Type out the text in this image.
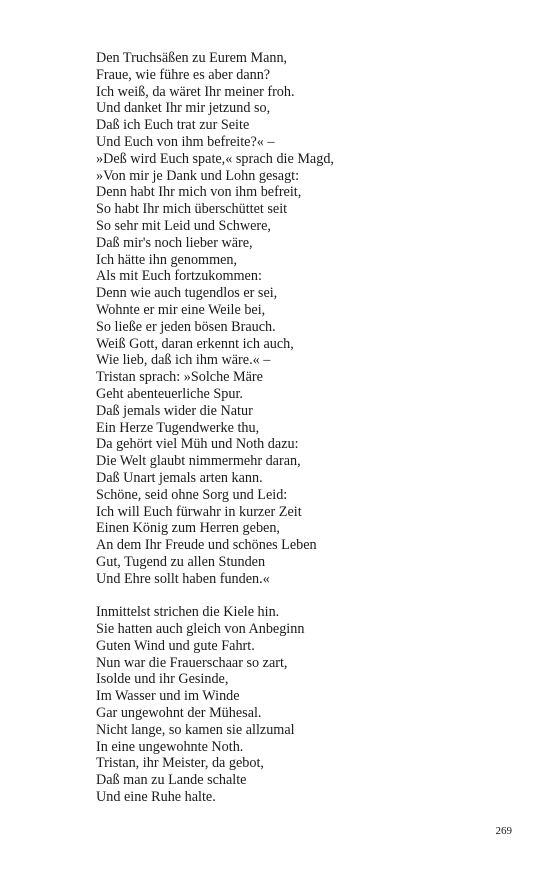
Den Truchsäßen zu Eurem Mann,
Fraue, wie führe es aber dann?
Ich weiß, da wäret Ihr meiner froh.
Und danket Ihr mir jetzund so,
Daß ich Euch trat zur Seite
Und Euch von ihm befreite?« –
»Deß wird Euch spate,« sprach die Magd,
»Von mir je Dank und Lohn gesagt:
Denn habt Ihr mich von ihm befreit,
So habt Ihr mich überschüttet seit
So sehr mit Leid und Schwere,
Daß mir's noch lieber wäre,
Ich hätte ihn genommen,
Als mit Euch fortzukommen:
Denn wie auch tugendlos er sei,
Wohnte er mir eine Weile bei,
So ließe er jeden bösen Brauch.
Weiß Gott, daran erkennt ich auch,
Wie lieb, daß ich ihm wäre.« –
Tristan sprach: »Solche Märe
Geht abenteuerliche Spur.
Daß jemals wider die Natur
Ein Herze Tugendwerke thu,
Da gehört viel Müh und Noth dazu:
Die Welt glaubt nimmermehr daran,
Daß Unart jemals arten kann.
Schöne, seid ohne Sorg und Leid:
Ich will Euch fürwahr in kurzer Zeit
Einen König zum Herren geben,
An dem Ihr Freude und schönes Leben
Gut, Tugend zu allen Stunden
Und Ehre sollt haben funden.«
Inmittelst strichen die Kiele hin.
Sie hatten auch gleich von Anbeginn
Guten Wind und gute Fahrt.
Nun war die Frauerschaar so zart,
Isolde und ihr Gesinde,
Im Wasser und im Winde
Gar ungewohnt der Mühesal.
Nicht lange, so kamen sie allzumal
In eine ungewohnte Noth.
Tristan, ihr Meister, da gebot,
Daß man zu Lande schalte
Und eine Ruhe halte.
269
